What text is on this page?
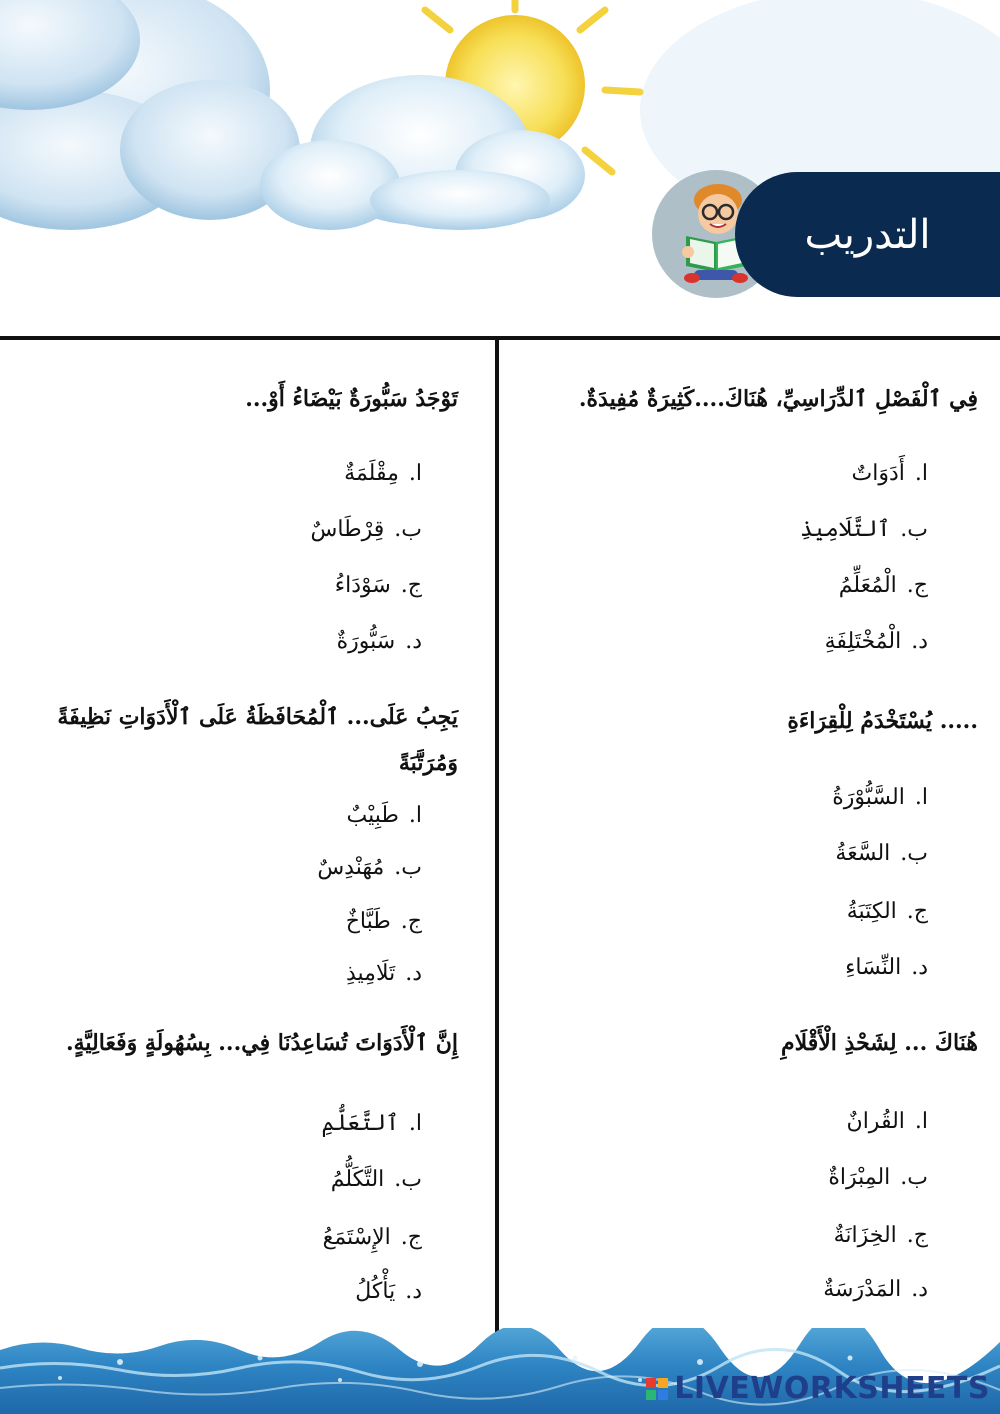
التدريب
فِي ٱلْفَصْلِ ٱلدِّرَاسِيِّ، هُنَاكَ....كَثِيرَةٌ مُفِيدَةٌ.
ا.أَدَوَاتٌ
ب.ٱلتَّلَامِيذِ
ج.الْمُعَلِّمُ
د.الْمُخْتَلِفَةِ
..... يُسْتَخْدَمُ لِلْقِرَاءَةِ
ا.السَّبُّوْرَةُ
ب.السَّعَةُ
ج.الكِتَبَةُ
د.النِّسَاءِ
هُنَاكَ ... لِشَحْذِ الْأَقْلَامِ
ا.القُرانٌ
ب.المِبْرَاةٌ
ج.الخِزَانَةٌ
د.المَدْرَسَةٌ
تَوْجَدُ سَبُّورَةٌ بَيْضَاءُ أَوْ...
ا.مِقْلَمَةٌ
ب.قِرْطَاسٌ
ج.سَوْدَاءُ
د.سَبُّورَةٌ
يَجِبُ عَلَى... ٱلْمُحَافَظَةُ عَلَى ٱلْأَدَوَاتِ نَظِيفَةً وَمُرَتَّبَةً
ا.طَبِيْبٌ
ب.مُهَنْدِسٌ
ج.طَبَّاخٌ
د.تَلَامِيذِ
إِنَّ ٱلْأَدَوَاتَ تُسَاعِدُنَا فِي... بِسُهُولَةٍ وَفَعَالِيَّةٍ.
ا.ٱلتَّعَلُّمِ
ب.التَّكَلُّمُ
ج.الإِسْتَمَعُ
د.يَأْكُلُ
LIVEWORKSHEETS
